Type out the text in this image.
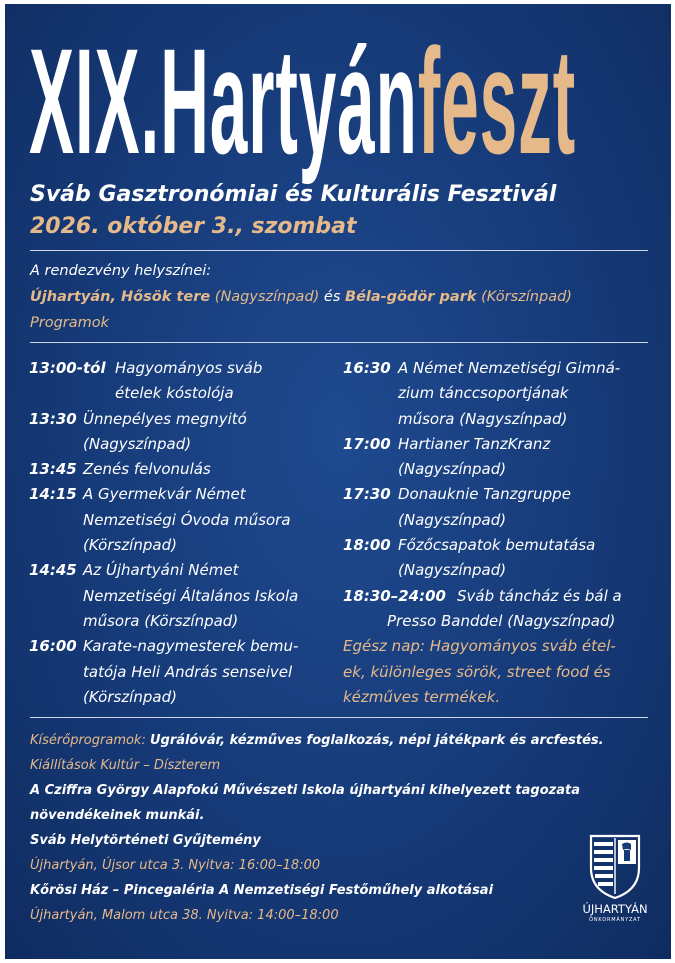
XIX.Hartyánfeszt
Sváb Gasztronómiai és Kulturális Fesztivál
2026. október 3., szombat
A rendezvény helyszínei:
Újhartyán, Hősök tere (Nagyszínpad) és Béla-gödör park (Körszínpad)
Programok
13:00-tól Hagyományos sváb
ételek kóstolója
13:30 Ünnepélyes megnyitó
(Nagyszínpad)
13:45 Zenés felvonulás
14:15 A Gyermekvár Német
Nemzetiségi Óvoda műsora
(Körszínpad)
14:45 Az Újhartyáni Német
Nemzetiségi Általános Iskola
műsora (Körszínpad)
16:00 Karate-nagymesterek bemu-
tatója Heli András senseivel
(Körszínpad)
16:30 A Német Nemzetiségi Gimná-
zium tánccsoportjának
műsora (Nagyszínpad)
17:00 Hartianer TanzKranz
(Nagyszínpad)
17:30 Donauknie Tanzgruppe
(Nagyszínpad)
18:00 Főzőcsapatok bemutatása
(Nagyszínpad)
18:30–24:00 Sváb táncház és bál a
Presso Banddel (Nagyszínpad)
Egész nap: Hagyományos sváb étel-
ek, különleges sörök, street food és
kézműves termékek.
Kísérőprogramok: Ugrálóvár, kézműves foglalkozás, népi játékpark és arcfestés.
Kiállítások Kultúr – Díszterem
A Cziffra György Alapfokú Művészeti Iskola újhartyáni kihelyezett tagozata
növendékeinek munkái.
Sváb Helytörténeti Gyűjtemény
Újhartyán, Újsor utca 3. Nyitva: 16:00–18:00
Kőrösi Ház – Pincegaléria A Nemzetiségi Festőműhely alkotásai
Újhartyán, Malom utca 38. Nyitva: 14:00–18:00	ÚJHARTYÁN
ÖNKORMÁNYZAT
